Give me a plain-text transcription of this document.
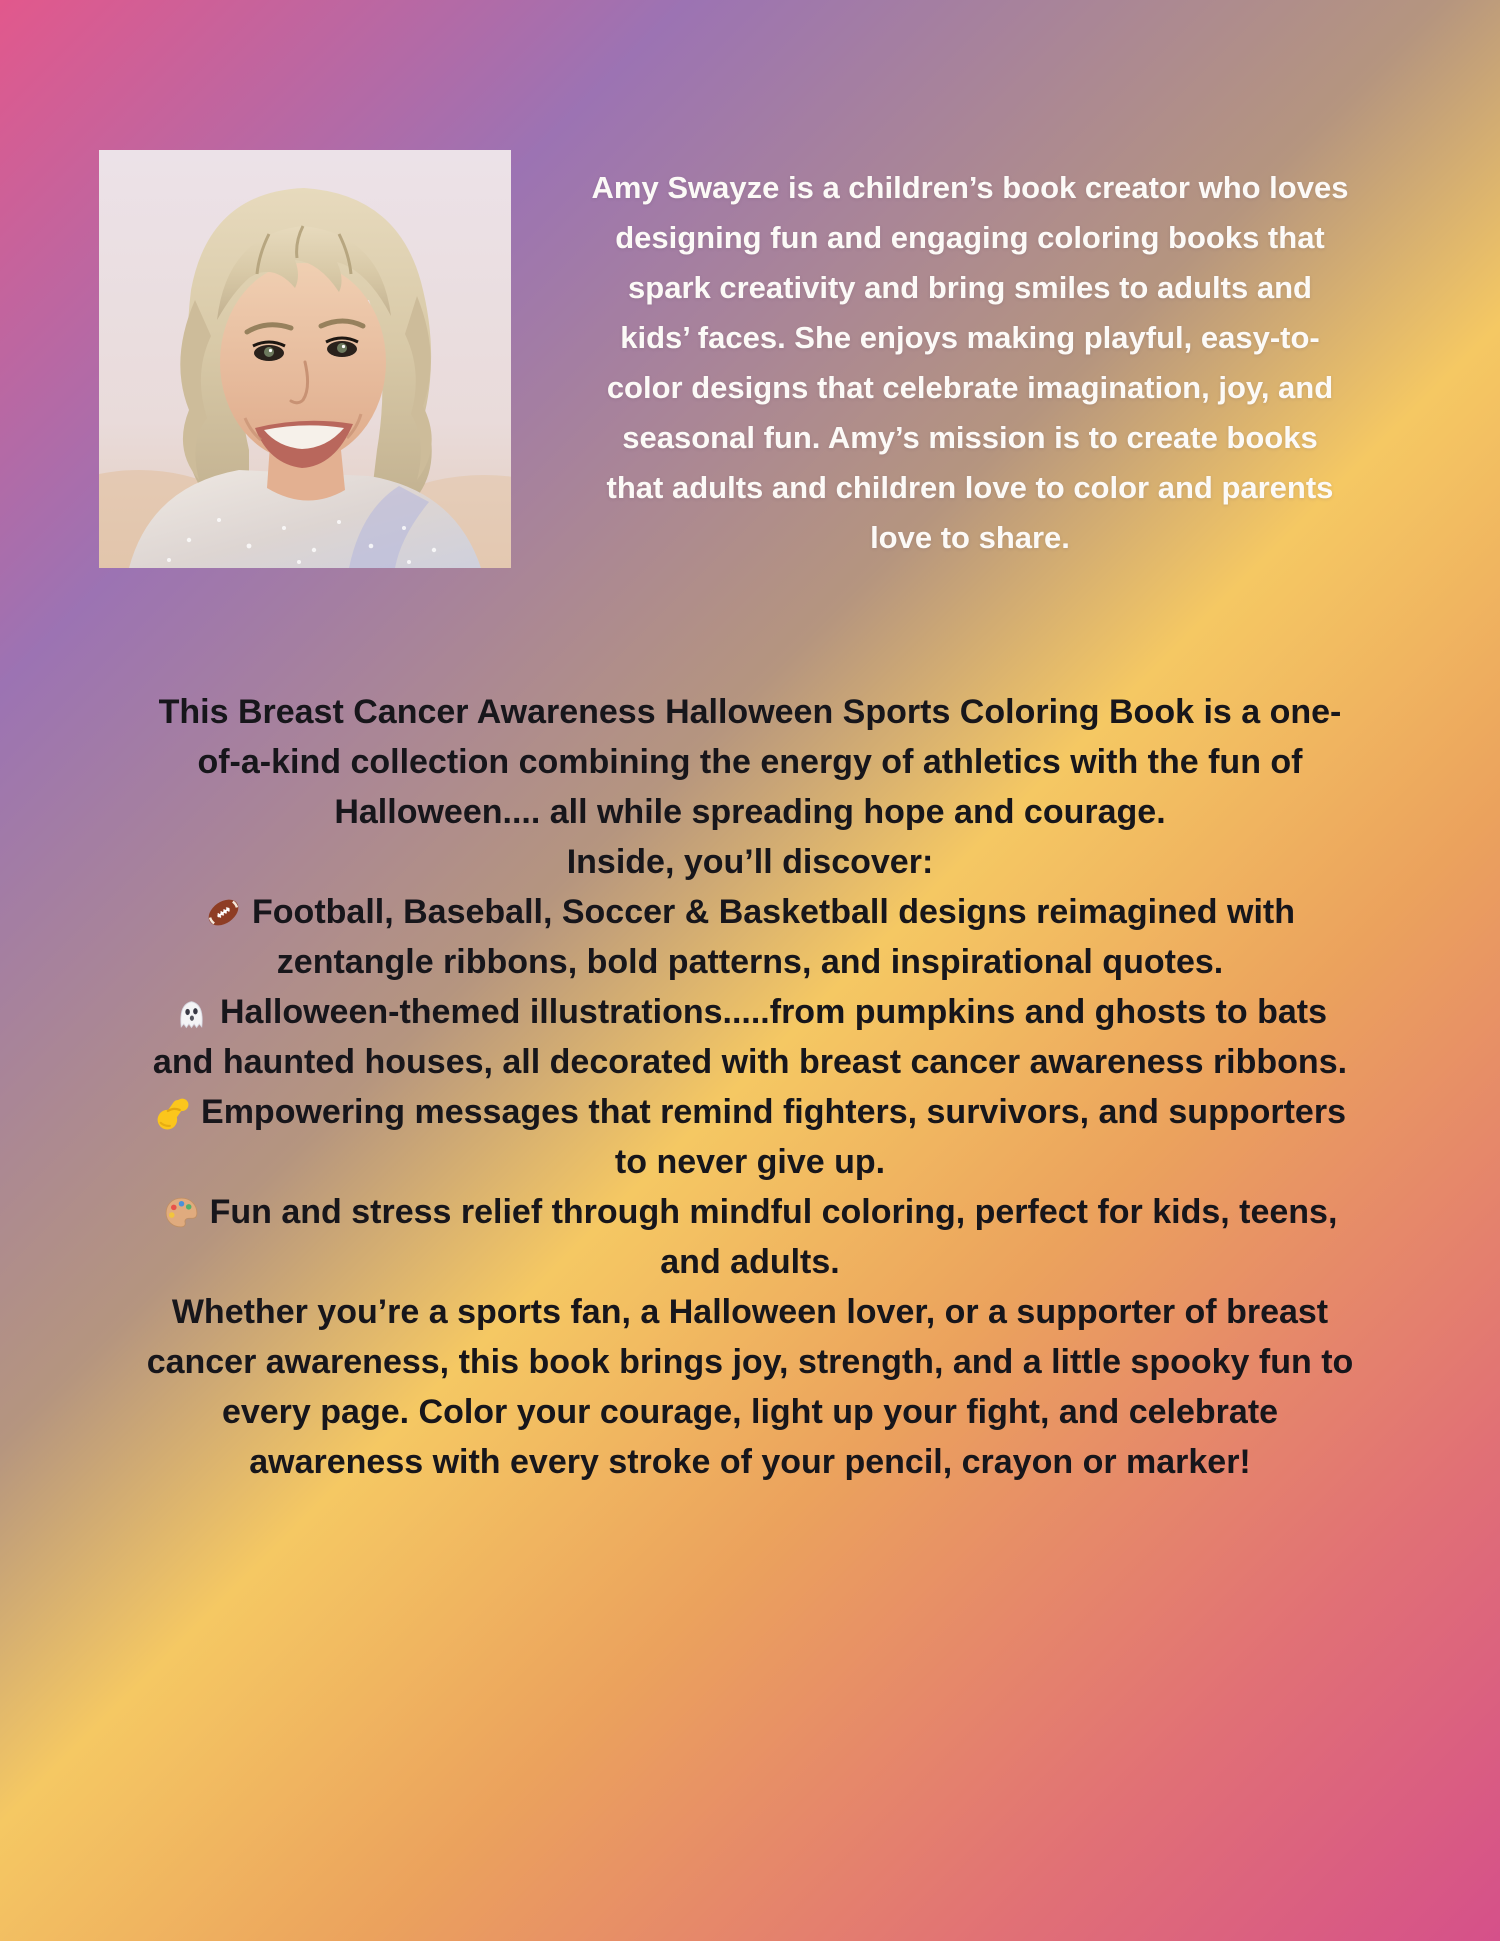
Amy Swayze is a children’s book creator who loves
designing fun and engaging coloring books that
spark creativity and bring smiles to adults and
kids’ faces. She enjoys making playful, easy-to-
color designs that celebrate imagination, joy, and
seasonal fun. Amy’s mission is to create books
that adults and children love to color and parents
love to share.
This Breast Cancer Awareness Halloween Sports Coloring Book is a one-
of-a-kind collection combining the energy of athletics with the fun of
Halloween.... all while spreading hope and courage.
Inside, you’ll discover:
Football, Baseball, Soccer & Basketball designs reimagined with
zentangle ribbons, bold patterns, and inspirational quotes.
Halloween-themed illustrations.....from pumpkins and ghosts to bats
and haunted houses, all decorated with breast cancer awareness ribbons.
Empowering messages that remind fighters, survivors, and supporters
to never give up.
Fun and stress relief through mindful coloring, perfect for kids, teens,
and adults.
Whether you’re a sports fan, a Halloween lover, or a supporter of breast
cancer awareness, this book brings joy, strength, and a little spooky fun to
every page. Color your courage, light up your fight, and celebrate
awareness with every stroke of your pencil, crayon or marker!
